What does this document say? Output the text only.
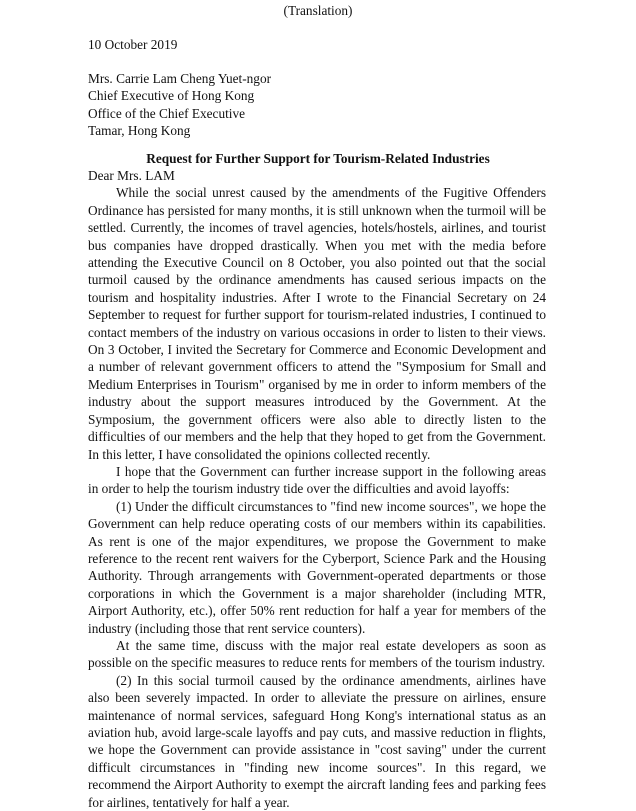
(Translation)
10 October 2019
Mrs. Carrie Lam Cheng Yuet-ngor
Chief Executive of Hong Kong
Office of the Chief Executive
Tamar, Hong Kong
Request for Further Support for Tourism-Related Industries

Dear Mrs. LAM

While the social unrest caused by the amendments of the Fugitive Offenders Ordinance has persisted for many months, it is still unknown when the turmoil will be settled. Currently, the incomes of travel agencies, hotels/hostels, airlines, and tourist bus companies have dropped drastically. When you met with the media before attending the Executive Council on 8 October, you also pointed out that the social turmoil caused by the ordinance amendments has caused serious impacts on the tourism and hospitality industries. After I wrote to the Financial Secretary on 24 September to request for further support for tourism-related industries, I continued to contact members of the industry on various occasions in order to listen to their views. On 3 October, I invited the Secretary for Commerce and Economic Development and a number of relevant government officers to attend the "Symposium for Small and Medium Enterprises in Tourism" organised by me in order to inform members of the industry about the support measures introduced by the Government. At the Symposium, the government officers were also able to directly listen to the difficulties of our members and the help that they hoped to get from the Government. In this letter, I have consolidated the opinions collected recently.

I hope that the Government can further increase support in the following areas in order to help the tourism industry tide over the difficulties and avoid layoffs:

(1) Under the difficult circumstances to "find new income sources", we hope the Government can help reduce operating costs of our members within its capabilities. As rent is one of the major expenditures, we propose the Government to make reference to the recent rent waivers for the Cyberport, Science Park and the Housing Authority. Through arrangements with Government-operated departments or those corporations in which the Government is a major shareholder (including MTR, Airport Authority, etc.), offer 50% rent reduction for half a year for members of the industry (including those that rent service counters).

At the same time, discuss with the major real estate developers as soon as possible on the specific measures to reduce rents for members of the tourism industry.

(2) In this social turmoil caused by the ordinance amendments, airlines have also been severely impacted. In order to alleviate the pressure on airlines, ensure maintenance of normal services, safeguard Hong Kong's international status as an aviation hub, avoid large-scale layoffs and pay cuts, and massive reduction in flights, we hope the Government can provide assistance in "cost saving" under the current difficult circumstances in "finding new income sources". In this regard, we recommend the Airport Authority to exempt the aircraft landing fees and parking fees for airlines, tentatively for half a year.
